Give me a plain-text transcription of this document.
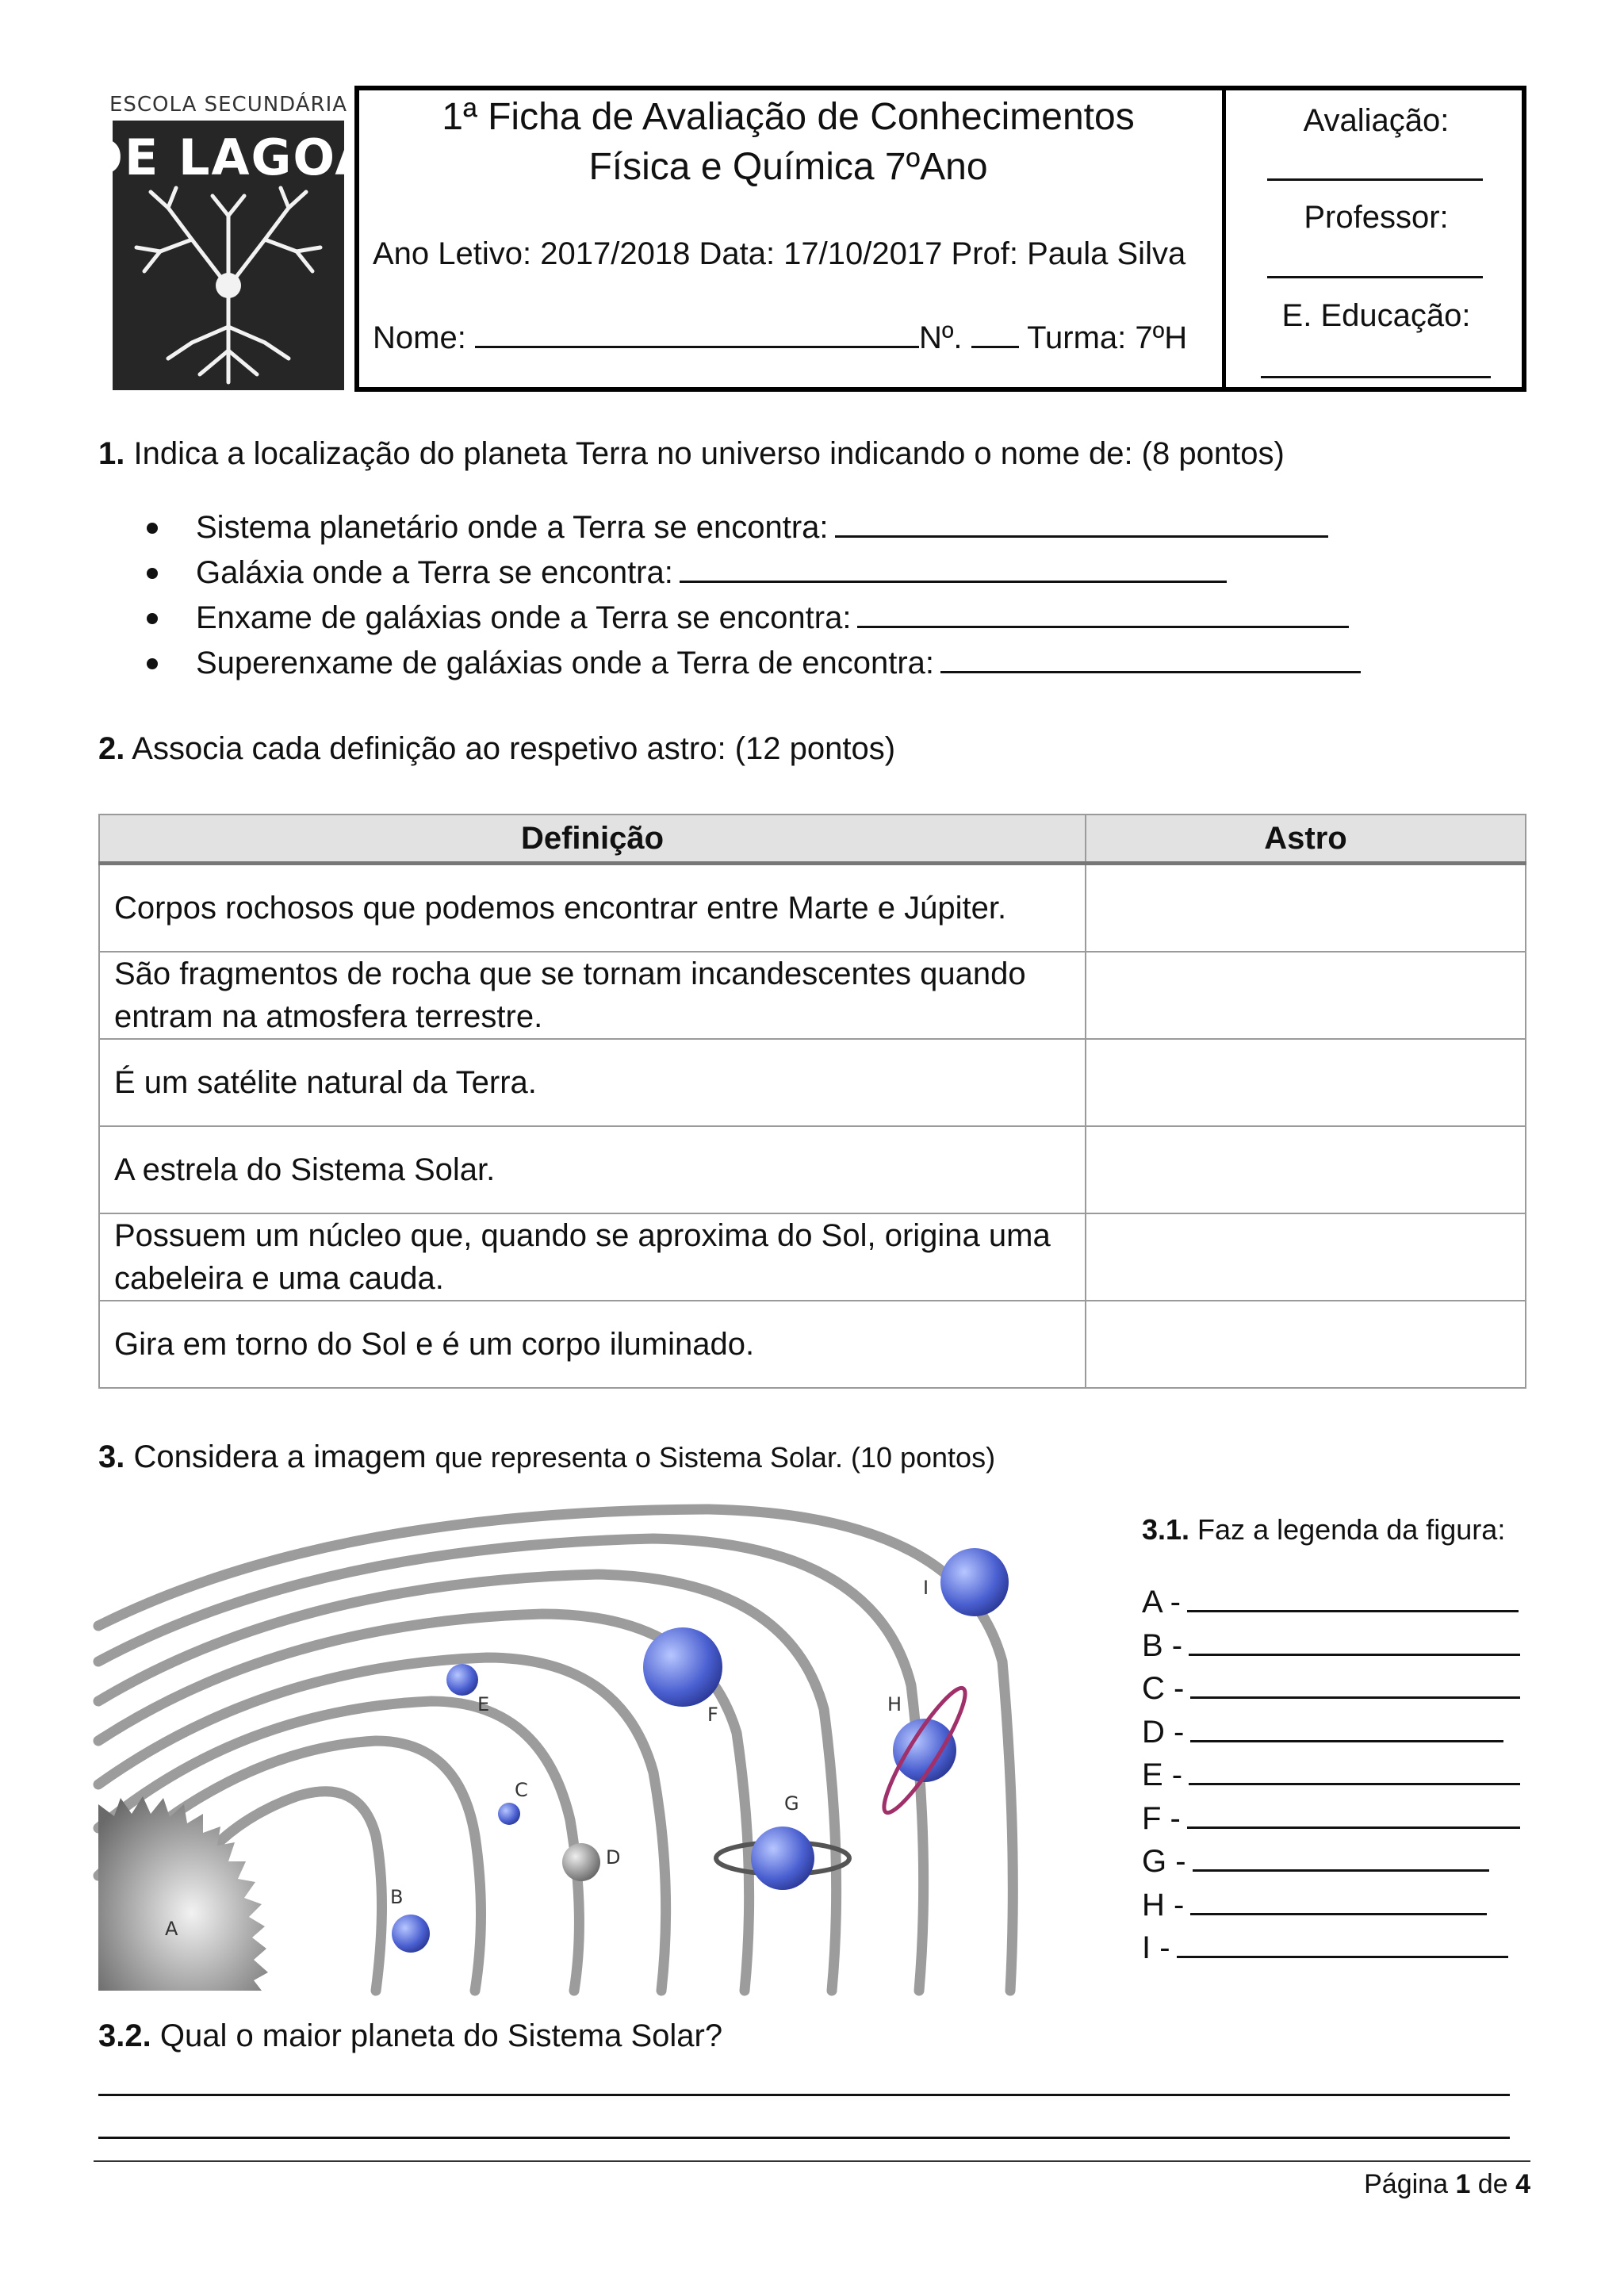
ESCOLA SECUNDÁRIA
DE LAGOA
1ª Ficha de Avaliação de Conhecimentos
Física e Química 7ºAno
Ano Letivo: 2017/2018 Data: 17/10/2017 Prof: Paula Silva
Nome:	Nº.  Turma: 7ºH
Avaliação:
Professor:
E. Educação:
1. Indica a localização do planeta Terra no universo indicando o nome de: (8 pontos)
Sistema planetário onde a Terra se encontra:
Galáxia onde a Terra se encontra:
Enxame de galáxias onde a Terra se encontra:
Superenxame de galáxias onde a Terra de encontra:
2. Associa cada definição ao respetivo astro: (12 pontos)
Definição	Astro
Corpos rochosos que podemos encontrar entre Marte e Júpiter.	
São fragmentos de rocha que se tornam incandescentes quando entram na atmosfera terrestre.	
É um satélite natural da Terra.	
A estrela do Sistema Solar.	
Possuem um núcleo que, quando se aproxima do Sol, origina uma cabeleira e uma cauda.	
Gira em torno do Sol e é um corpo iluminado.	
3. Considera a imagem que representa o Sistema Solar. (10 pontos)
A
B
C
D
E	F
G
H
I
3.1. Faz a legenda da figura:
A -
B -
C -
D -
E -
F -
G -
H -
I -
3.2. Qual o maior planeta do Sistema Solar?
Página 1 de 4
